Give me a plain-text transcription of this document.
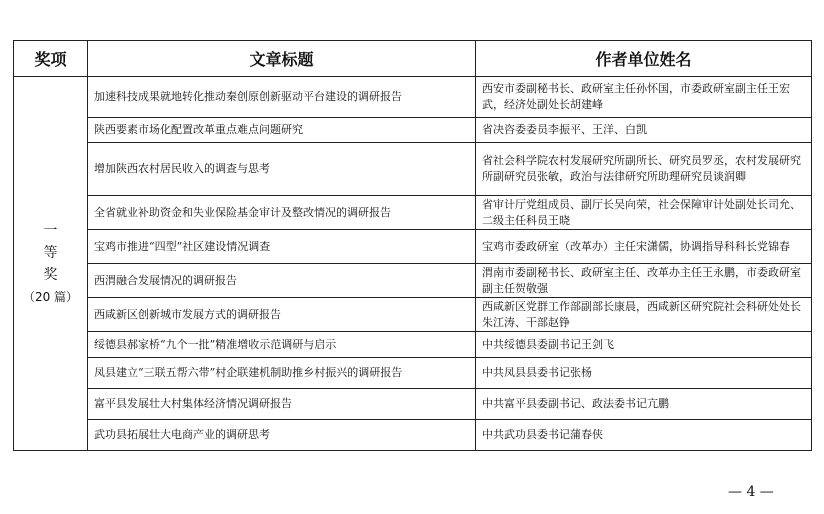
奖项	文章标题	作者单位姓名

一
等
奖
（20 篇）	加速科技成果就地转化推动秦创原创新驱动平台建设的调研报告	西安市委副秘书长、政研室主任孙怀国，市委政研室副主任王宏武，经济处副处长胡建峰
	陕西要素市场化配置改革重点难点问题研究	省决咨委委员李振平、王洋、白凯
	增加陕西农村居民收入的调查与思考	省社会科学院农村发展研究所副所长、研究员罗丞，农村发展研究所副研究员张敏，政治与法律研究所助理研究员谈润卿
	全省就业补助资金和失业保险基金审计及整改情况的调研报告	省审计厅党组成员、副厅长吴向荣，社会保障审计处副处长司允、二级主任科员王晓
	宝鸡市推进“四型”社区建设情况调查	宝鸡市委政研室（改革办）主任宋潇儒，协调指导科科长党锦春
	西渭融合发展情况的调研报告	渭南市委副秘书长、政研室主任、改革办主任王永鹏，市委政研室副主任贺敬强
	西咸新区创新城市发展方式的调研报告	西咸新区党群工作部副部长康晨，西咸新区研究院社会科研处处长朱江涛、干部赵铮
	绥德县郝家桥“九个一批”精准增收示范调研与启示	中共绥德县委副书记王剑飞
	凤县建立“三联五帮六带”村企联建机制助推乡村振兴的调研报告	中共凤县县委书记张杨
	富平县发展壮大村集体经济情况调研报告	中共富平县委副书记、政法委书记亢鹏
	武功县拓展壮大电商产业的调研思考	中共武功县委书记蒲春侠
— 4 —
